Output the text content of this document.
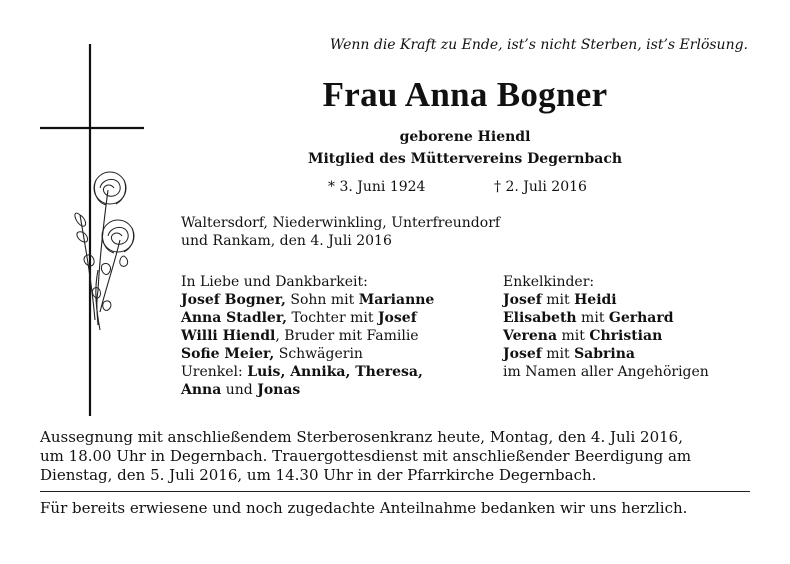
Wenn die Kraft zu Ende, ist’s nicht Sterben, ist’s Erlösung.
Frau Anna Bogner
geborene Hiendl
Mitglied des Müttervereins Degernbach
* 3. Juni 1924	† 2. Juli 2016
Waltersdorf, Niederwinkling, Unterfreundorf
und Rankam, den 4. Juli 2016
In Liebe und Dankbarkeit:
Josef Bogner, Sohn mit Marianne
Anna Stadler, Tochter mit Josef
Willi Hiendl, Bruder mit Familie
Sofie Meier, Schwägerin
Urenkel: Luis, Annika, Theresa,
Anna und Jonas
Enkelkinder:
Josef mit Heidi
Elisabeth mit Gerhard
Verena mit Christian
Josef mit Sabrina
im Namen aller Angehörigen
Aussegnung mit anschließendem Sterberosenkranz heute, Montag, den 4. Juli 2016,
um 18.00 Uhr in Degernbach. Trauergottesdienst mit anschließender Beerdigung am
Dienstag, den 5. Juli 2016, um 14.30 Uhr in der Pfarrkirche Degernbach.
Für bereits erwiesene und noch zugedachte Anteilnahme bedanken wir uns herzlich.
